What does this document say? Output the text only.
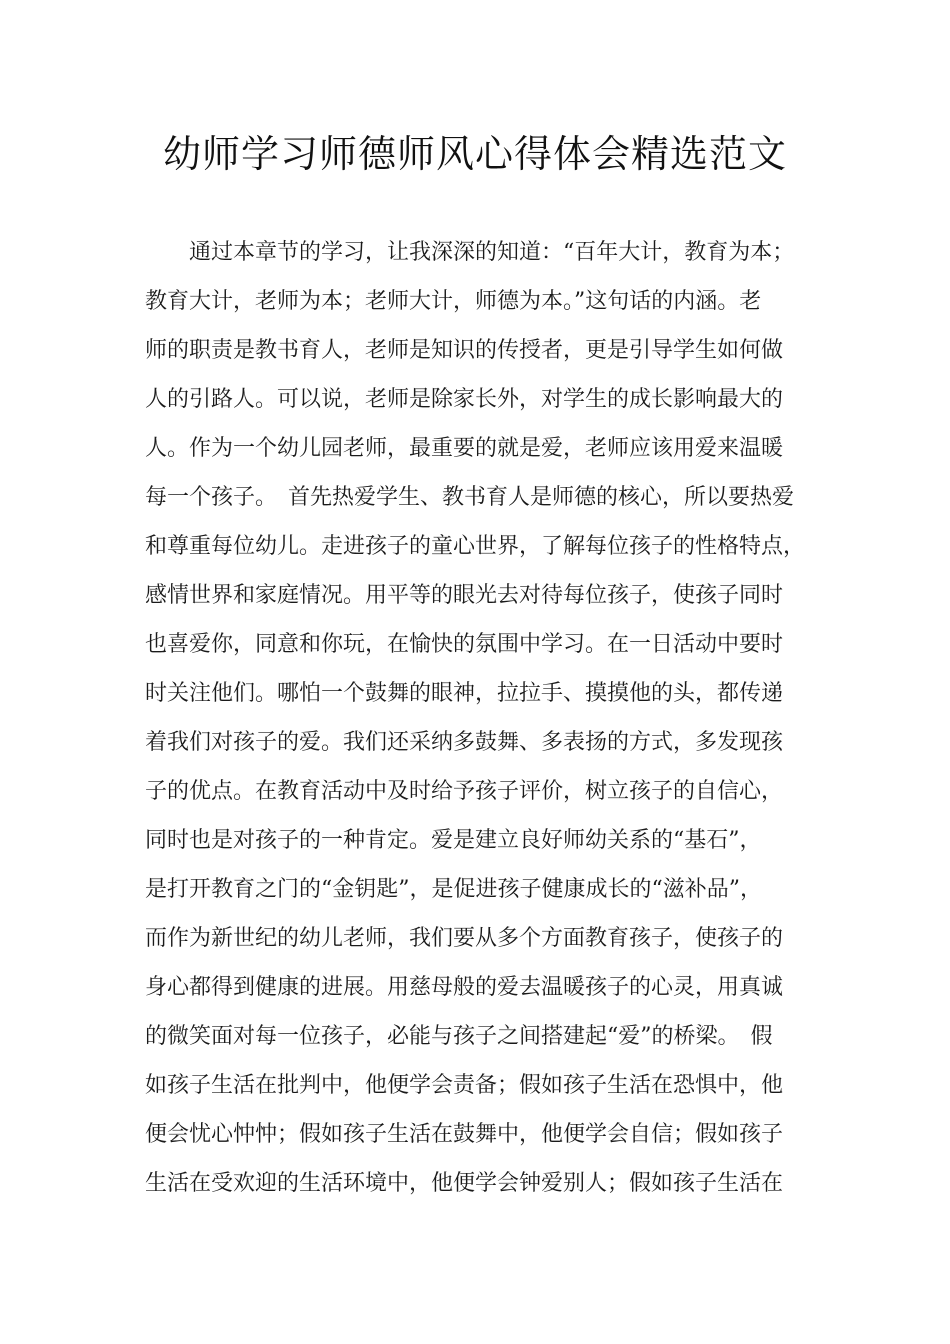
幼师学习师德师风心得体会精选范文
　　通过本章节的学习，让我深深的知道：“百年大计，教育为本；
教育大计，老师为本；老师大计，师德为本。”这句话的内涵。老
师的职责是教书育人，老师是知识的传授者，更是引导学生如何做
人的引路人。可以说，老师是除家长外，对学生的成长影响最大的
人。作为一个幼儿园老师，最重要的就是爱，老师应该用爱来温暖
每一个孩子。　首先热爱学生、教书育人是师德的核心，所以要热爱
和尊重每位幼儿。走进孩子的童心世界，了解每位孩子的性格特点，
感情世界和家庭情况。用平等的眼光去对待每位孩子，使孩子同时
也喜爱你，同意和你玩，在愉快的氛围中学习。在一日活动中要时
时关注他们。哪怕一个鼓舞的眼神，拉拉手、摸摸他的头，都传递
着我们对孩子的爱。我们还采纳多鼓舞、多表扬的方式，多发现孩
子的优点。在教育活动中及时给予孩子评价，树立孩子的自信心，
同时也是对孩子的一种肯定。爱是建立良好师幼关系的“基石”，
是打开教育之门的“金钥匙”，是促进孩子健康成长的“滋补品”，
而作为新世纪的幼儿老师，我们要从多个方面教育孩子，使孩子的
身心都得到健康的进展。用慈母般的爱去温暖孩子的心灵，用真诚
的微笑面对每一位孩子，必能与孩子之间搭建起“爱”的桥梁。　假
如孩子生活在批判中，他便学会责备；假如孩子生活在恐惧中，他
便会忧心忡忡；假如孩子生活在鼓舞中，他便学会自信；假如孩子
生活在受欢迎的生活环境中，他便学会钟爱别人；假如孩子生活在
